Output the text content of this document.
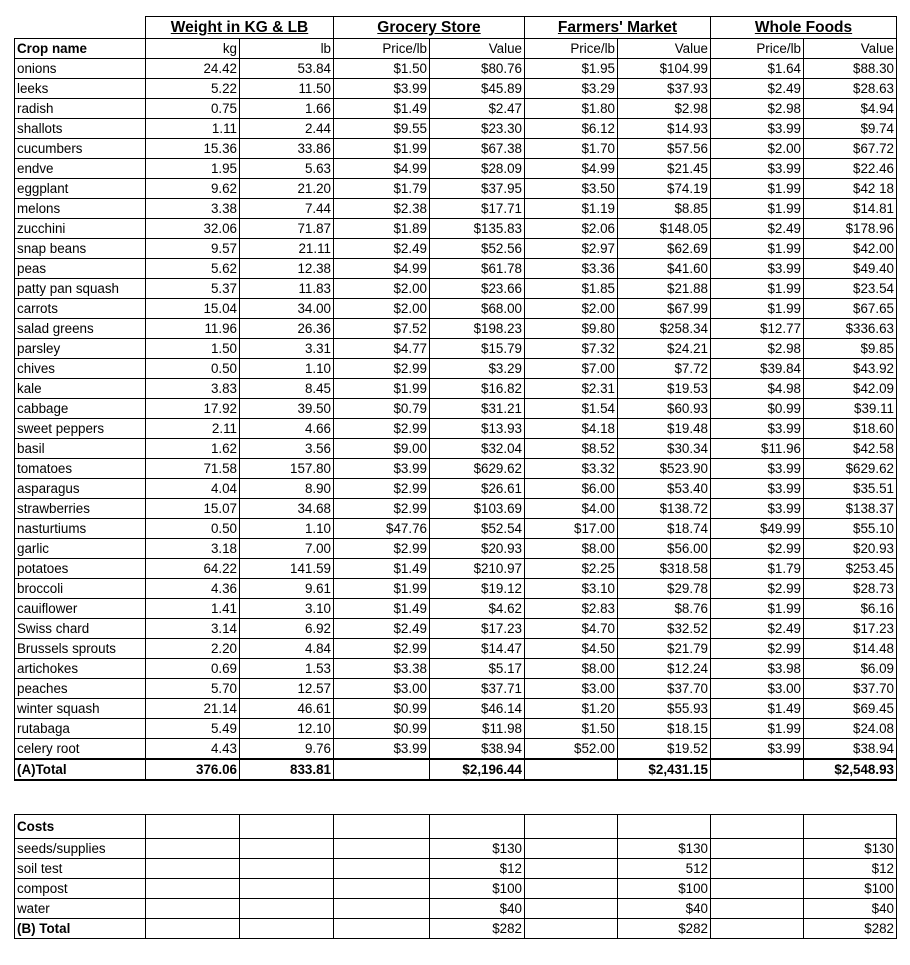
	Weight in KG & LB		Grocery Store		Farmers' Market		Whole Foods	
Crop name	kg	lb	Price/lb	Value	Price/lb	Value	Price/lb	Value
onions	24.42	53.84	$1.50	$80.76	$1.95	$104.99	$1.64	$88.30
leeks	5.22	11.50	$3.99	$45.89	$3.29	$37.93	$2.49	$28.63
radish	0.75	1.66	$1.49	$2.47	$1.80	$2.98	$2.98	$4.94
shallots	1.11	2.44	$9.55	$23.30	$6.12	$14.93	$3.99	$9.74
cucumbers	15.36	33.86	$1.99	$67.38	$1.70	$57.56	$2.00	$67.72
endve	1.95	5.63	$4.99	$28.09	$4.99	$21.45	$3.99	$22.46
eggplant	9.62	21.20	$1.79	$37.95	$3.50	$74.19	$1.99	$42 18
melons	3.38	7.44	$2.38	$17.71	$1.19	$8.85	$1.99	$14.81
zucchini	32.06	71.87	$1.89	$135.83	$2.06	$148.05	$2.49	$178.96
snap beans	9.57	21.11	$2.49	$52.56	$2.97	$62.69	$1.99	$42.00
peas	5.62	12.38	$4.99	$61.78	$3.36	$41.60	$3.99	$49.40
patty pan squash	5.37	11.83	$2.00	$23.66	$1.85	$21.88	$1.99	$23.54
carrots	15.04	34.00	$2.00	$68.00	$2.00	$67.99	$1.99	$67.65
salad greens	11.96	26.36	$7.52	$198.23	$9.80	$258.34	$12.77	$336.63
parsley	1.50	3.31	$4.77	$15.79	$7.32	$24.21	$2.98	$9.85
chives	0.50	1.10	$2.99	$3.29	$7.00	$7.72	$39.84	$43.92
kale	3.83	8.45	$1.99	$16.82	$2.31	$19.53	$4.98	$42.09
cabbage	17.92	39.50	$0.79	$31.21	$1.54	$60.93	$0.99	$39.11
sweet peppers	2.11	4.66	$2.99	$13.93	$4.18	$19.48	$3.99	$18.60
basil	1.62	3.56	$9.00	$32.04	$8.52	$30.34	$11.96	$42.58
tomatoes	71.58	157.80	$3.99	$629.62	$3.32	$523.90	$3.99	$629.62
asparagus	4.04	8.90	$2.99	$26.61	$6.00	$53.40	$3.99	$35.51
strawberries	15.07	34.68	$2.99	$103.69	$4.00	$138.72	$3.99	$138.37
nasturtiums	0.50	1.10	$47.76	$52.54	$17.00	$18.74	$49.99	$55.10
garlic	3.18	7.00	$2.99	$20.93	$8.00	$56.00	$2.99	$20.93
potatoes	64.22	141.59	$1.49	$210.97	$2.25	$318.58	$1.79	$253.45
broccoli	4.36	9.61	$1.99	$19.12	$3.10	$29.78	$2.99	$28.73
cauiflower	1.41	3.10	$1.49	$4.62	$2.83	$8.76	$1.99	$6.16
Swiss chard	3.14	6.92	$2.49	$17.23	$4.70	$32.52	$2.49	$17.23
Brussels sprouts	2.20	4.84	$2.99	$14.47	$4.50	$21.79	$2.99	$14.48
artichokes	0.69	1.53	$3.38	$5.17	$8.00	$12.24	$3.98	$6.09
peaches	5.70	12.57	$3.00	$37.71	$3.00	$37.70	$3.00	$37.70
winter squash	21.14	46.61	$0.99	$46.14	$1.20	$55.93	$1.49	$69.45
rutabaga	5.49	12.10	$0.99	$11.98	$1.50	$18.15	$1.99	$24.08
celery root	4.43	9.76	$3.99	$38.94	$52.00	$19.52	$3.99	$38.94
(A)Total	376.06	833.81		$2,196.44		$2,431.15		$2,548.93
Costs								
seeds/supplies				$130		$130		$130
soil test				$12		512		$12
compost				$100		$100		$100
water				$40		$40		$40
(B) Total				$282		$282		$282
